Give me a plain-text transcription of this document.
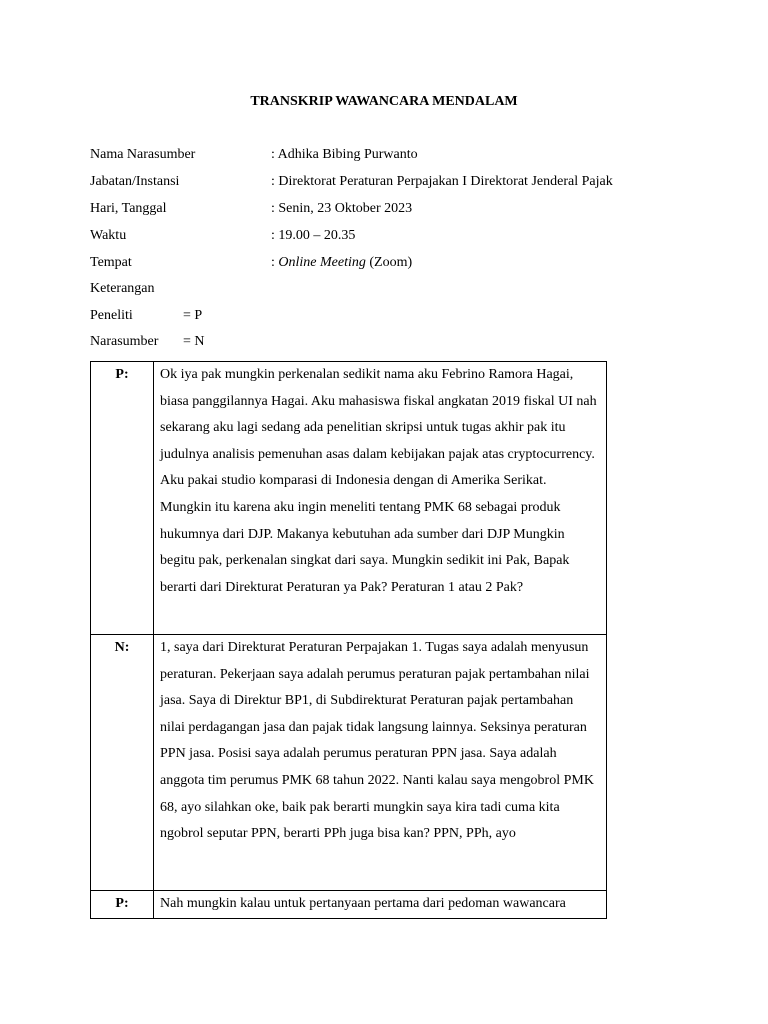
TRANSKRIP WAWANCARA MENDALAM
Nama Narasumber	: Adhika Bibing Purwanto
Jabatan/Instansi	: Direktorat Peraturan Perpajakan I Direktorat Jenderal Pajak
Hari, Tanggal	: Senin, 23 Oktober 2023
Waktu	: 19.00 – 20.35
Tempat	: Online Meeting (Zoom)
Keterangan
Peneliti	= P
Narasumber = N
P:	Ok iya pak mungkin perkenalan sedikit nama aku Febrino Ramora Hagai, biasa panggilannya Hagai. Aku mahasiswa fiskal angkatan 2019 fiskal UI nah sekarang aku lagi sedang ada penelitian skripsi untuk tugas akhir pak itu judulnya analisis pemenuhan asas dalam kebijakan pajak atas cryptocurrency. Aku pakai studio komparasi di Indonesia dengan di Amerika Serikat. Mungkin itu karena aku ingin meneliti tentang PMK 68 sebagai produk hukumnya dari DJP. Makanya kebutuhan ada sumber dari DJP Mungkin begitu pak, perkenalan singkat dari saya. Mungkin sedikit ini Pak, Bapak berarti dari Direkturat Peraturan ya Pak? Peraturan 1 atau 2 Pak?
N:	1, saya dari Direkturat Peraturan Perpajakan 1. Tugas saya adalah menyusun peraturan. Pekerjaan saya adalah perumus peraturan pajak pertambahan nilai jasa. Saya di Direktur BP1, di Subdirekturat Peraturan pajak pertambahan nilai perdagangan jasa dan pajak tidak langsung lainnya. Seksinya peraturan PPN jasa. Posisi saya adalah perumus peraturan PPN jasa. Saya adalah anggota tim perumus PMK 68 tahun 2022. Nanti kalau saya mengobrol PMK 68, ayo silahkan oke, baik pak berarti mungkin saya kira tadi cuma kita ngobrol seputar PPN, berarti PPh juga bisa kan? PPN, PPh, ayo
P:	Nah mungkin kalau untuk pertanyaan pertama dari pedoman wawancara
